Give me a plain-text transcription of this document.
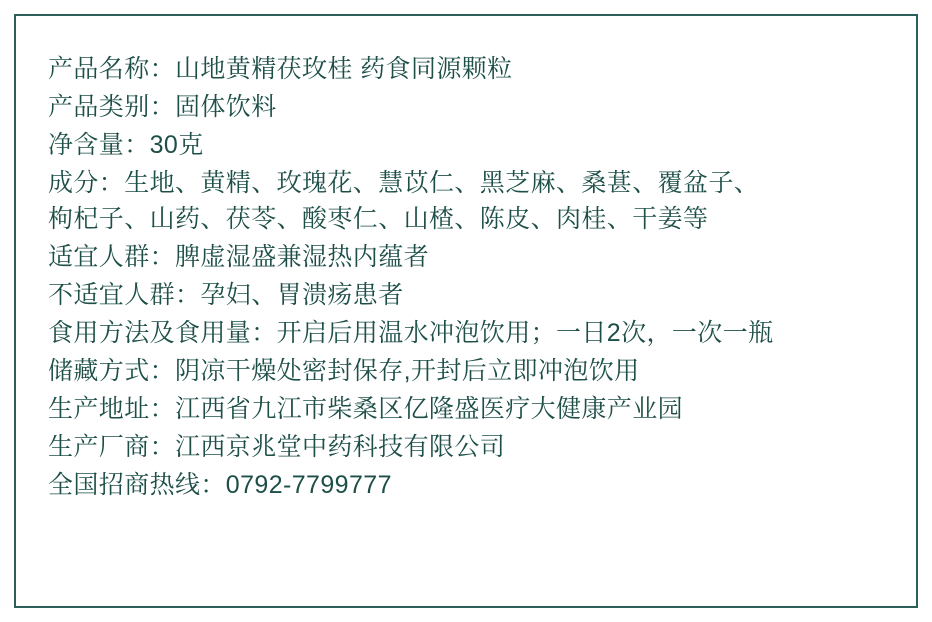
产品名称：山地黄精茯玫桂 药食同源颗粒
产品类别：固体饮料
净含量：30克
成分：生地、黄精、玫瑰花、慧苡仁、黑芝麻、桑葚、覆盆子、
枸杞子、山药、茯苓、酸枣仁、山楂、陈皮、肉桂、干姜等
适宜人群：脾虚湿盛兼湿热内蕴者
不适宜人群：孕妇、胃溃疡患者
食用方法及食用量：开启后用温水冲泡饮用；一日2次，一次一瓶
储藏方式：阴凉干燥处密封保存,开封后立即冲泡饮用
生产地址：江西省九江市柴桑区亿隆盛医疗大健康产业园
生产厂商：江西京兆堂中药科技有限公司
全国招商热线：0792-7799777
